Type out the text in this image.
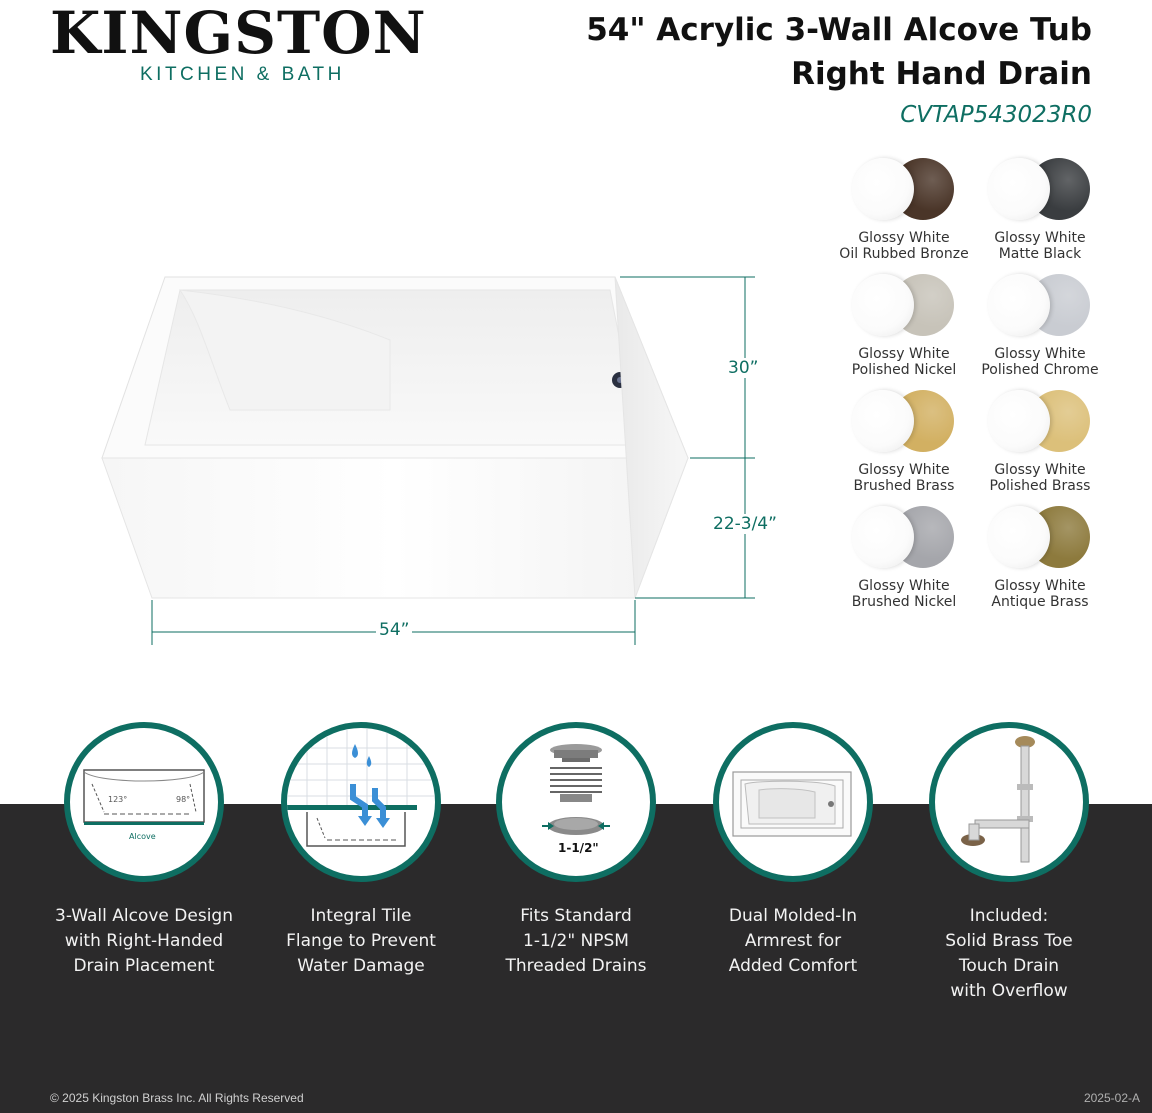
KINGSTON
KITCHEN & BATH
54" Acrylic 3-Wall Alcove Tub
Right Hand Drain
CVTAP543023R0
30”
22-3/4”
54”
Glossy White
Oil Rubbed Bronze
Glossy White
Matte Black
Glossy White
Polished Nickel
Glossy White
Polished Chrome
Glossy White
Brushed Brass
Glossy White
Polished Brass
Glossy White
Brushed Nickel
Glossy White
Antique Brass
123°	98°
Alcove
3-Wall Alcove Design
with Right-Handed
Drain Placement
Integral Tile
Flange to Prevent
Water Damage
1-1/2"
Fits Standard
1-1/2" NPSM
Threaded Drains
Dual Molded-In
Armrest for
Added Comfort
Included:
Solid Brass Toe
Touch Drain
with Overflow
© 2025 Kingston Brass Inc. All Rights Reserved	2025-02-A
